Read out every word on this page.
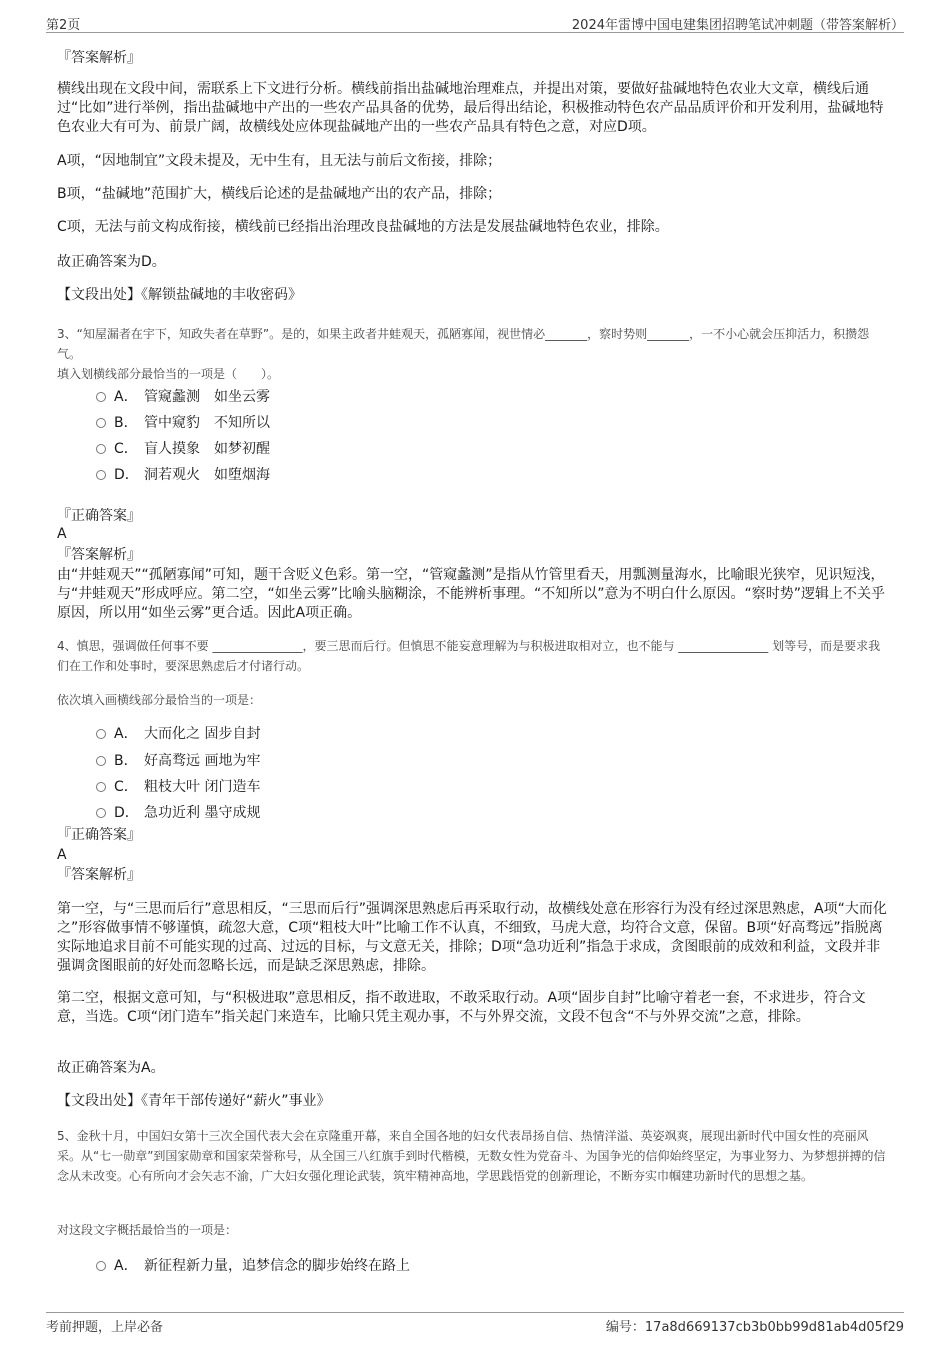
第2页	2024年雷博中国电建集团招聘笔试冲刺题（带答案解析）
『答案解析』
横线出现在文段中间，需联系上下文进行分析。横线前指出盐碱地治理难点，并提出对策，要做好盐碱地特色农业大文章，横线后通过“比如”进行举例，指出盐碱地中产出的一些农产品具备的优势，最后得出结论，积极推动特色农产品品质评价和开发利用，盐碱地特色农业大有可为、前景广阔，故横线处应体现盐碱地产出的一些农产品具有特色之意，对应D项。
A项，“因地制宜”文段未提及，无中生有，且无法与前后文衔接，排除；
B项，“盐碱地”范围扩大，横线后论述的是盐碱地产出的农产品，排除；
C项，无法与前文构成衔接，横线前已经指出治理改良盐碱地的方法是发展盐碱地特色农业，排除。
故正确答案为D。
【文段出处】《解锁盐碱地的丰收密码》
3、“知屋漏者在宇下，知政失者在草野”。是的，如果主政者井蛙观天，孤陋寡闻，视世情必_______，察时势则_______，一不小心就会压抑活力，积攒怨气。
填入划横线部分最恰当的一项是（　　）。
A． 管窥蠡测　如坐云雾
B． 管中窥豹　不知所以
C． 盲人摸象　如梦初醒
D． 洞若观火　如堕烟海
『正确答案』
A
『答案解析』
由“井蛙观天”“孤陋寡闻”可知，题干含贬义色彩。第一空，“管窥蠡测”是指从竹管里看天，用瓢测量海水，比喻眼光狭窄，见识短浅，与“井蛙观天”形成呼应。第二空，“如坐云雾”比喻头脑糊涂，不能辨析事理。“不知所以”意为不明白什么原因。“察时势”逻辑上不关乎原因，所以用“如坐云雾”更合适。因此A项正确。
4、慎思，强调做任何事不要 _______________，要三思而后行。但慎思不能妄意理解为与积极进取相对立，也不能与 _______________ 划等号，而是要求我们在工作和处事时，要深思熟虑后才付诸行动。
依次填入画横线部分最恰当的一项是：
A． 大而化之 固步自封
B． 好高骛远 画地为牢
C． 粗枝大叶 闭门造车
D． 急功近利 墨守成规
『正确答案』
A
『答案解析』
第一空，与“三思而后行”意思相反，“三思而后行”强调深思熟虑后再采取行动，故横线处意在形容行为没有经过深思熟虑，A项“大而化之”形容做事情不够谨慎，疏忽大意，C项“粗枝大叶”比喻工作不认真，不细致，马虎大意，均符合文意，保留。B项“好高骛远”指脱离实际地追求目前不可能实现的过高、过远的目标，与文意无关，排除；D项“急功近利”指急于求成，贪图眼前的成效和利益，文段并非强调贪图眼前的好处而忽略长远，而是缺乏深思熟虑，排除。
第二空，根据文意可知，与“积极进取”意思相反，指不敢进取，不敢采取行动。A项“固步自封”比喻守着老一套，不求进步，符合文意，当选。C项“闭门造车”指关起门来造车，比喻只凭主观办事，不与外界交流，文段不包含“不与外界交流”之意，排除。
故正确答案为A。
【文段出处】《青年干部传递好“薪火”事业》
5、金秋十月，中国妇女第十三次全国代表大会在京隆重开幕，来自全国各地的妇女代表昂扬自信、热情洋溢、英姿飒爽，展现出新时代中国女性的亮丽风采。从“七一勋章”到国家勋章和国家荣誉称号，从全国三八红旗手到时代楷模，无数女性为党奋斗、为国争光的信仰始终坚定，为事业努力、为梦想拼搏的信念从未改变。心有所向才会矢志不渝，广大妇女强化理论武装，筑牢精神高地，学思践悟党的创新理论，不断夯实巾帼建功新时代的思想之基。
对这段文字概括最恰当的一项是：
A． 新征程新力量，追梦信念的脚步始终在路上
考前押题，上岸必备	编号：17a8d669137cb3b0bb99d81ab4d05f29
